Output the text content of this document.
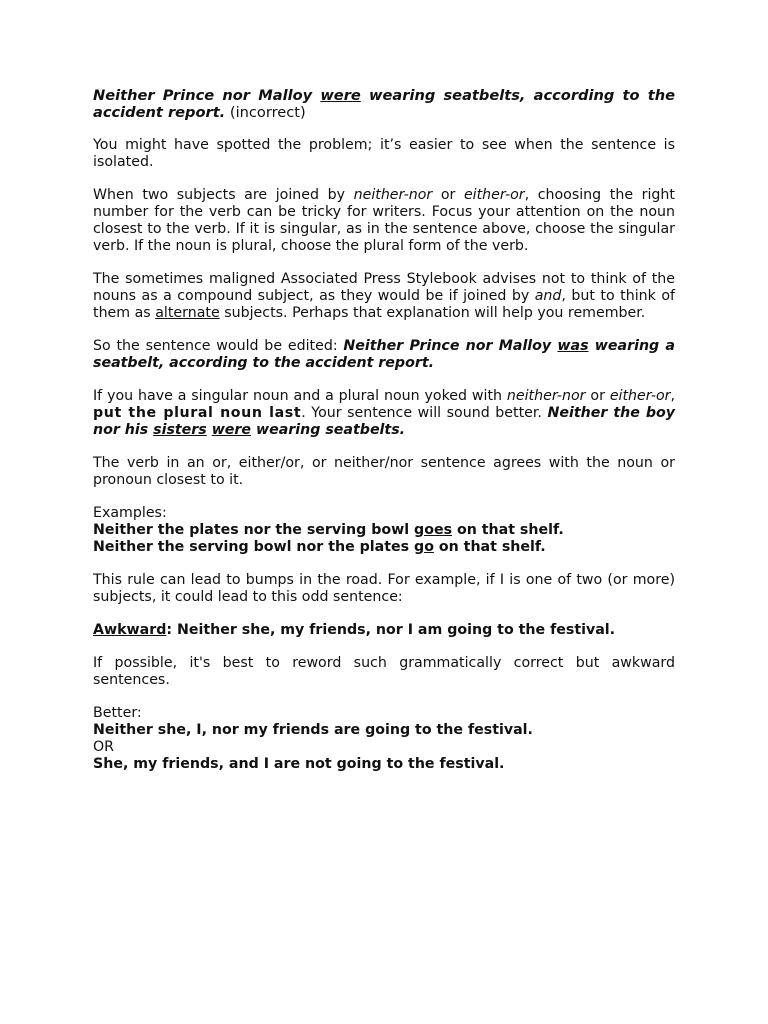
Neither Prince nor Malloy were wearing seatbelts, according to the accident report. (incorrect)

You might have spotted the problem; it’s easier to see when the sentence is isolated.

When two subjects are joined by neither-nor or either-or, choosing the right number for the verb can be tricky for writers. Focus your attention on the noun closest to the verb. If it is singular, as in the sentence above, choose the singular verb. If the noun is plural, choose the plural form of the verb.

The sometimes maligned Associated Press Stylebook advises not to think of the nouns as a compound subject, as they would be if joined by and, but to think of them as alternate subjects. Perhaps that explanation will help you remember.

So the sentence would be edited: Neither Prince nor Malloy was wearing a seatbelt, according to the accident report.

If you have a singular noun and a plural noun yoked with neither-nor or either-or, put the plural noun last. Your sentence will sound better. Neither the boy nor his sisters were wearing seatbelts.

The verb in an or, either/or, or neither/nor sentence agrees with the noun or pronoun closest to it.

Examples:
Neither the plates nor the serving bowl goes on that shelf.
Neither the serving bowl nor the plates go on that shelf.

This rule can lead to bumps in the road. For example, if I is one of two (or more) subjects, it could lead to this odd sentence:

Awkward: Neither she, my friends, nor I am going to the festival.

If possible, it's best to reword such grammatically correct but awkward sentences.

Better:
Neither she, I, nor my friends are going to the festival.
OR
She, my friends, and I are not going to the festival.
